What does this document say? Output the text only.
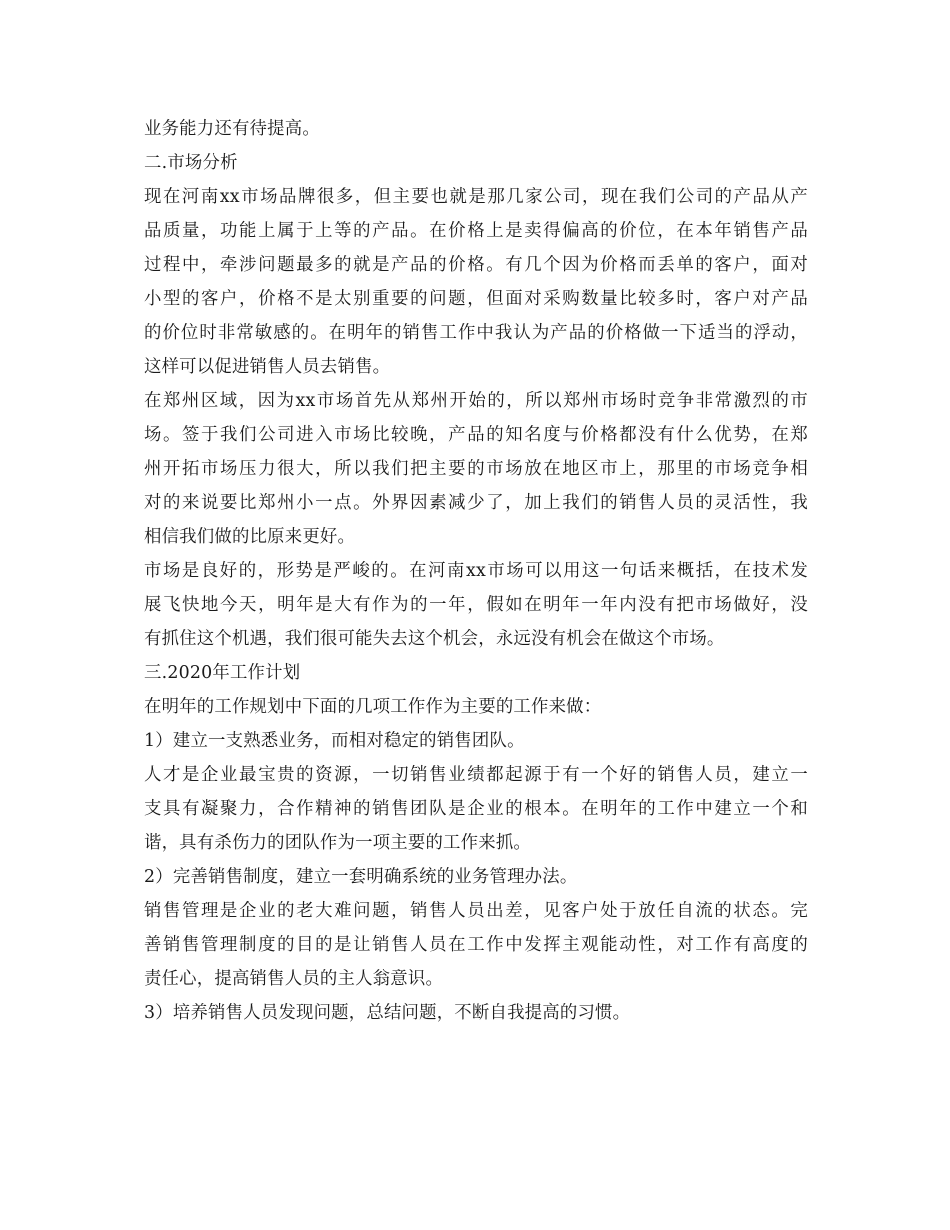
业务能力还有待提高。
二.市场分析
现在河南xx市场品牌很多，但主要也就是那几家公司，现在我们公司的产品从产
品质量，功能上属于上等的产品。在价格上是卖得偏高的价位，在本年销售产品
过程中，牵涉问题最多的就是产品的价格。有几个因为价格而丢单的客户，面对
小型的客户，价格不是太别重要的问题，但面对采购数量比较多时，客户对产品
的价位时非常敏感的。在明年的销售工作中我认为产品的价格做一下适当的浮动，
这样可以促进销售人员去销售。
在郑州区域，因为xx市场首先从郑州开始的，所以郑州市场时竞争非常激烈的市
场。签于我们公司进入市场比较晚，产品的知名度与价格都没有什么优势，在郑
州开拓市场压力很大，所以我们把主要的市场放在地区市上，那里的市场竞争相
对的来说要比郑州小一点。外界因素减少了，加上我们的销售人员的灵活性，我
相信我们做的比原来更好。
市场是良好的，形势是严峻的。在河南xx市场可以用这一句话来概括，在技术发
展飞快地今天，明年是大有作为的一年，假如在明年一年内没有把市场做好，没
有抓住这个机遇，我们很可能失去这个机会，永远没有机会在做这个市场。
三.2020年工作计划
在明年的工作规划中下面的几项工作作为主要的工作来做：
1）建立一支熟悉业务，而相对稳定的销售团队。
人才是企业最宝贵的资源，一切销售业绩都起源于有一个好的销售人员，建立一
支具有凝聚力，合作精神的销售团队是企业的根本。在明年的工作中建立一个和
谐，具有杀伤力的团队作为一项主要的工作来抓。
2）完善销售制度，建立一套明确系统的业务管理办法。
销售管理是企业的老大难问题，销售人员出差，见客户处于放任自流的状态。完
善销售管理制度的目的是让销售人员在工作中发挥主观能动性，对工作有高度的
责任心，提高销售人员的主人翁意识。
3）培养销售人员发现问题，总结问题，不断自我提高的习惯。
